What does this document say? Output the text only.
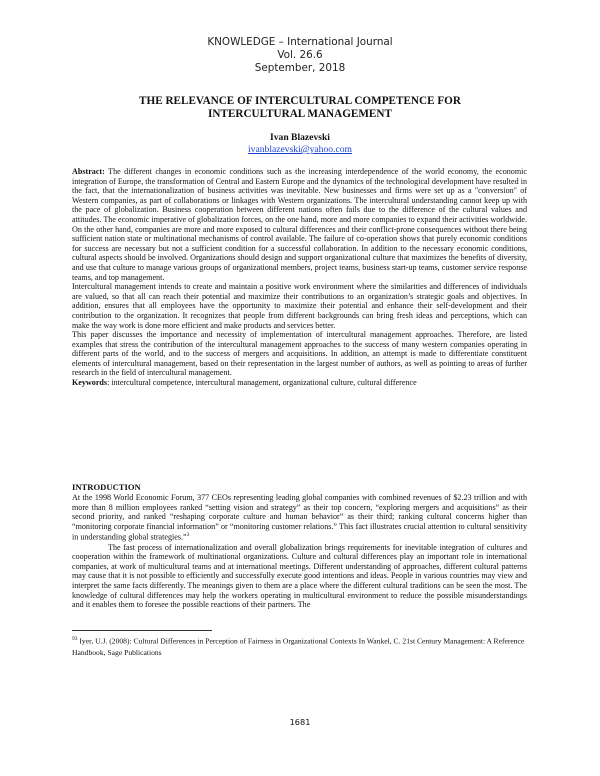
KNOWLEDGE – International Journal
Vol. 26.6
September, 2018
THE RELEVANCE OF INTERCULTURAL COMPETENCE FOR INTERCULTURAL MANAGEMENT
Ivan Blazevski
ivanblazevski@yahoo.com

Abstract: The different changes in economic conditions such as the increasing interdependence of the world economy, the economic integration of Europe, the transformation of Central and Eastern Europe and the dynamics of the technological development have resulted in the fact, that the internationalization of business activities was inevitable. New businesses and firms were set up as a "conversion" of Western companies, as part of collaborations or linkages with Western organizations. The intercultural understanding cannot keep up with the pace of globalization. Business cooperation between different nations often fails due to the difference of the cultural values and attitudes. The economic imperative of globalization forces, on the one hand, more and more companies to expand their activities worldwide. On the other hand, companies are more and more exposed to cultural differences and their conflict-prone consequences without there being sufficient nation state or multinational mechanisms of control available. The failure of co-operation shows that purely economic conditions for success are necessary but not a sufficient condition for a successful collaboration. In addition to the necessary economic conditions, cultural aspects should be involved. Organizations should design and support organizational culture that maximizes the benefits of diversity, and use that culture to manage various groups of organizational members, project teams, business start-up teams, customer service response teams, and top management.

Intercultural management intends to create and maintain a positive work environment where the similarities and differences of individuals are valued, so that all can reach their potential and maximize their contributions to an organization’s strategic goals and objectives. In addition, ensures that all employees have the opportunity to maximize their potential and enhance their self-development and their contribution to the organization. It recognizes that people from different backgrounds can bring fresh ideas and perceptions, which can make the way work is done more efficient and make products and services better.

This paper discusses the importance and necessity of implementation of intercultural management approaches. Therefore, are listed examples that stress the contribution of the intercultural management approaches to the success of many western companies operating in different parts of the world, and to the success of mergers and acquisitions. In addition, an attempt is made to differentiate constituent elements of intercultural management, based on their representation in the largest number of authors, as well as pointing to areas of further research in the field of intercultural management.

Keywords: intercultural competence, intercultural management, organizational culture, cultural difference

INTRODUCTION

At the 1998 World Economic Forum, 377 CEOs representing leading global companies with combined revenues of $2.23 trillion and with more than 8 million employees ranked “setting vision and strategy” as their top concern, “exploring mergers and acquisitions” as their second priority, and ranked “reshaping corporate culture and human behavior” as their third; ranking cultural concerns higher than “monitoring corporate financial information” or “monitoring customer relations.” This fact illustrates crucial attention to cultural sensitivity in understanding global strategies.”$^3$

The fast process of internationalization and overall globalization brings requirements for inevitable integration of cultures and cooperation within the framework of multinational organizations. Culture and cultural differences play an important role in international companies, at work of multicultural teams and at international meetings. Different understanding of approaches, different cultural patterns may cause that it is not possible to efficiently and successfully execute good intentions and ideas. People in various countries may view and interpret the same facts differently. The meanings given to them are a place where the different cultural traditions can be seen the most. The knowledge of cultural differences may help the workers operating in multicultural environment to reduce the possible misunderstandings and it enables them to foresee the possible reactions of their partners. The

$^{93}$ Iyer, U.J. (2008): Cultural Differences in Perception of Fairness in Organizational Contexts In Wankel, C. 21st Century Management: A Reference Handbook, Sage Publications
1681
